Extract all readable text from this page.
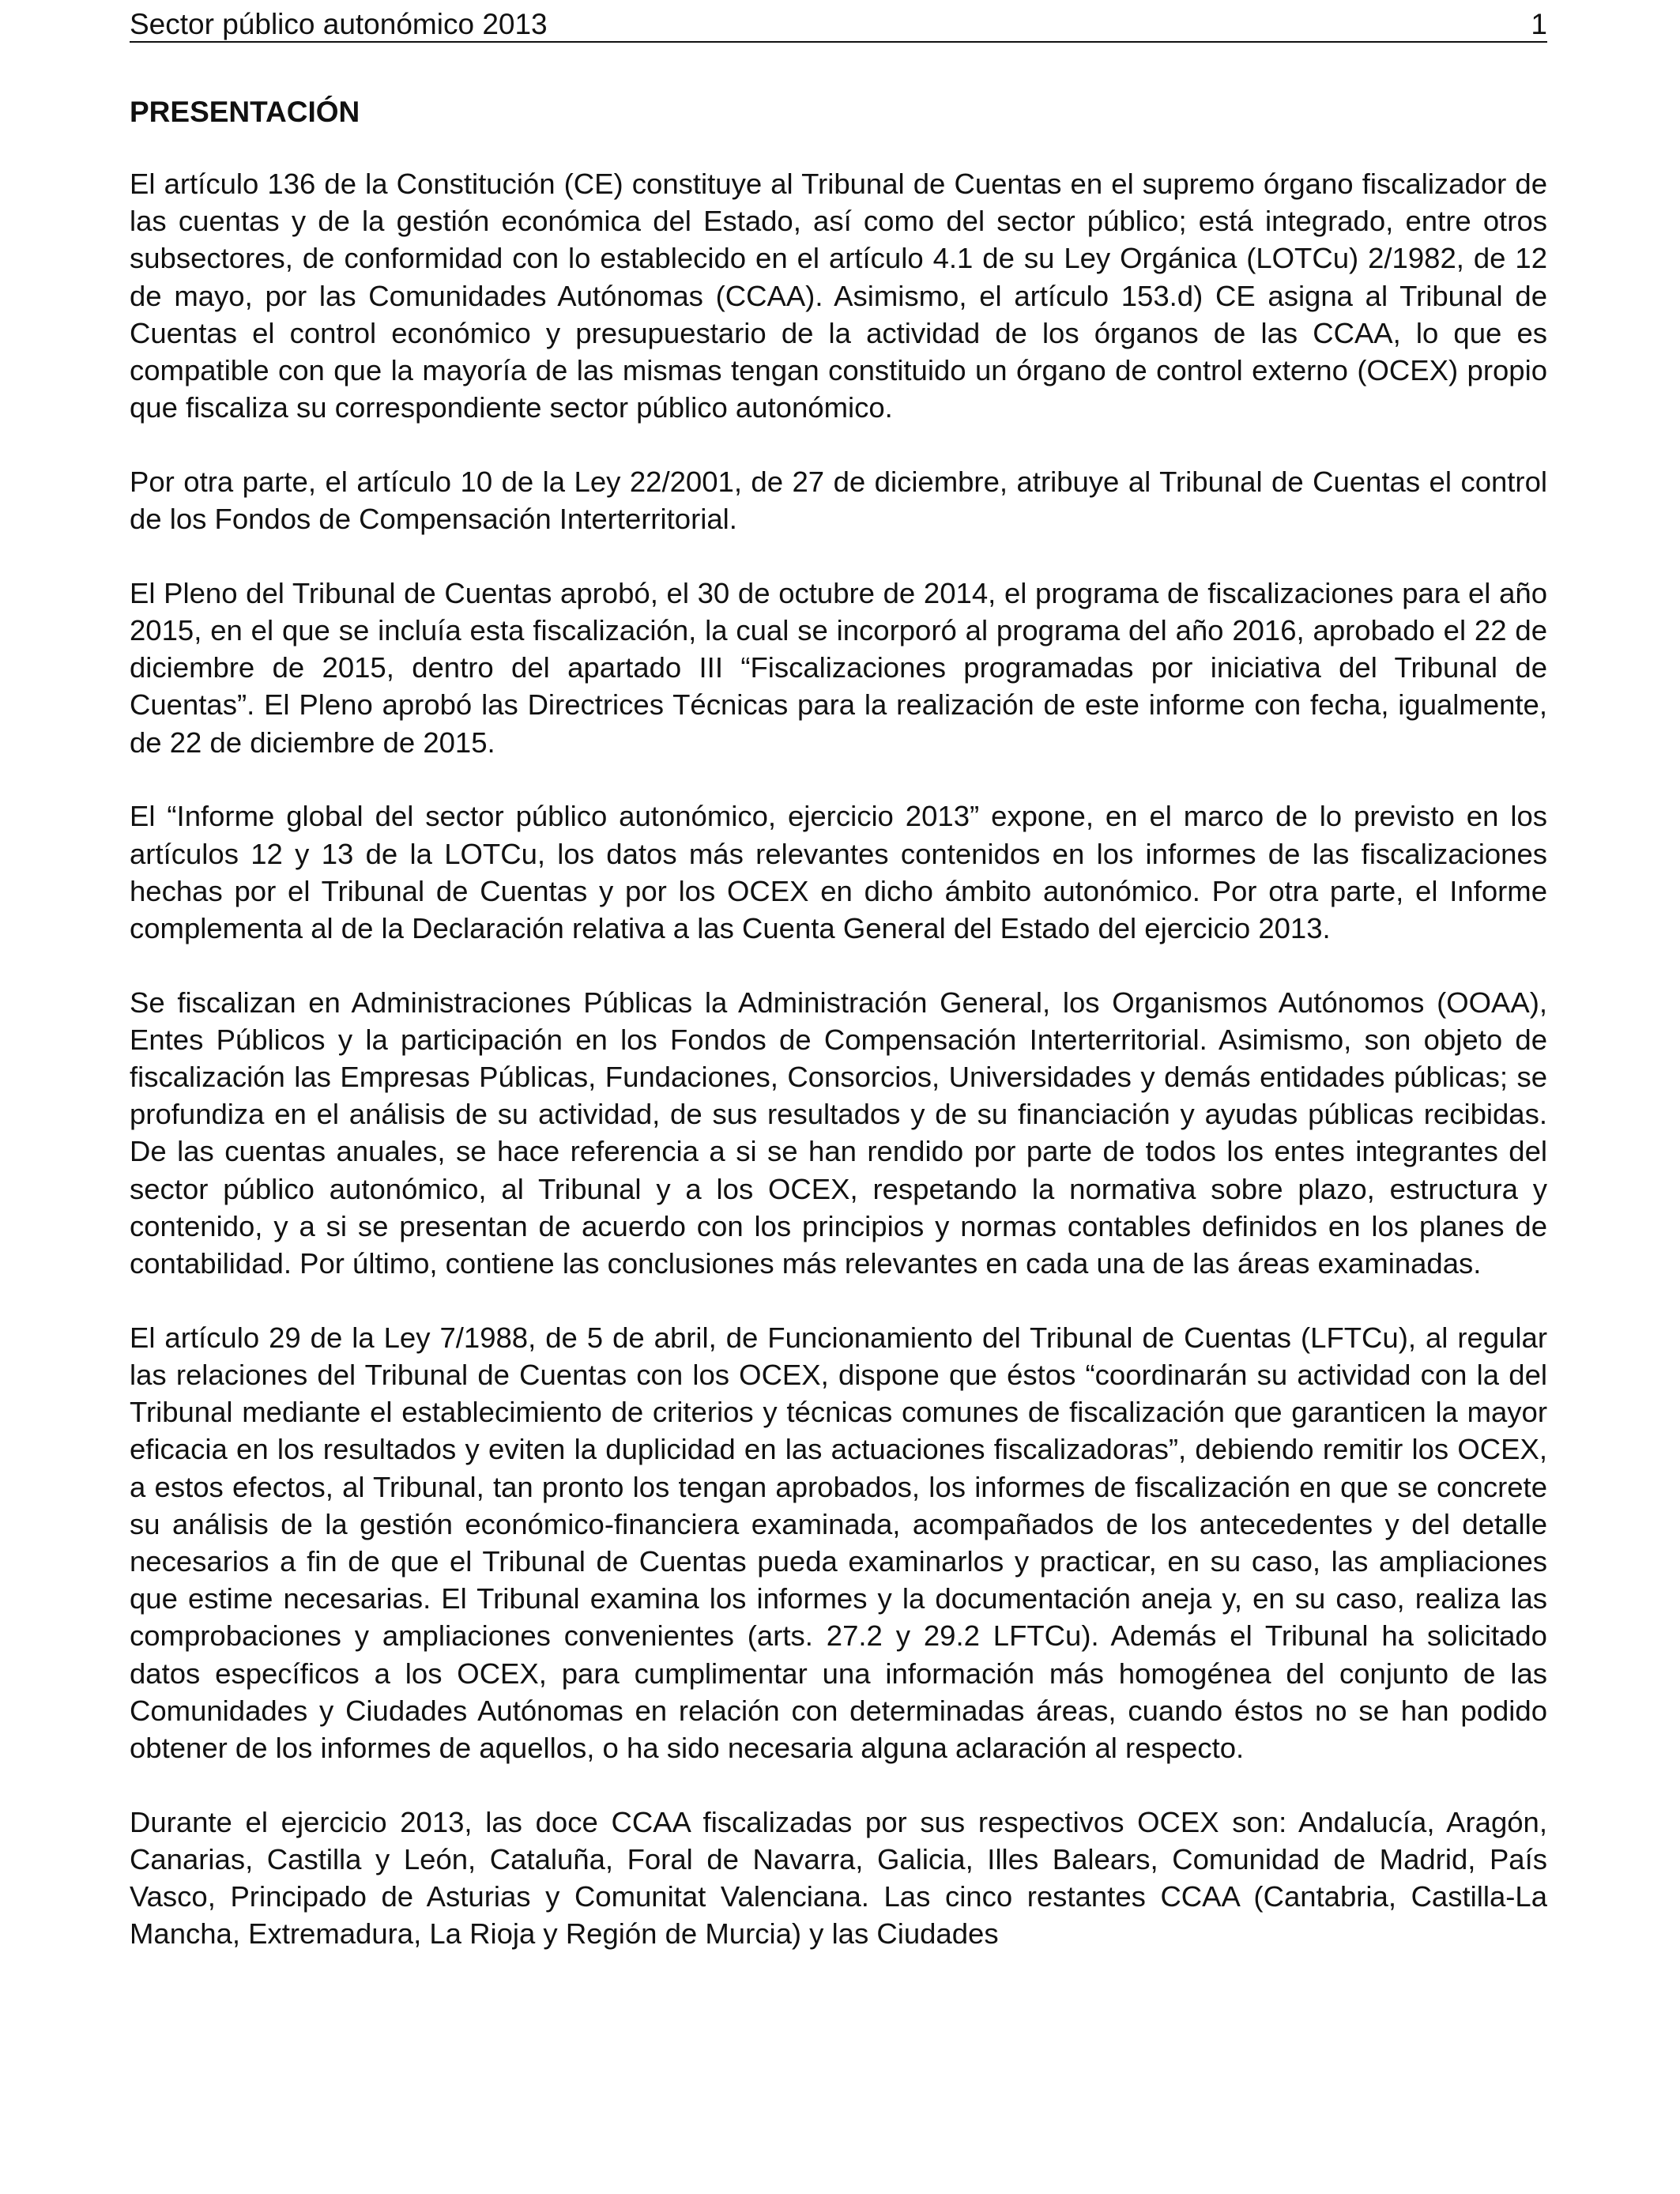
Sector público autonómico 2013	1
PRESENTACIÓN

El artículo 136 de la Constitución (CE) constituye al Tribunal de Cuentas en el supremo órgano fiscalizador de las cuentas y de la gestión económica del Estado, así como del sector público; está integrado, entre otros subsectores, de conformidad con lo establecido en el artículo 4.1 de su Ley Orgánica (LOTCu) 2/1982, de 12 de mayo, por las Comunidades Autónomas (CCAA). Asimismo, el artículo 153.d) CE asigna al Tribunal de Cuentas el control económico y presupuestario de la actividad de los órganos de las CCAA, lo que es compatible con que la mayoría de las mismas tengan constituido un órgano de control externo (OCEX) propio que fiscaliza su correspondiente sector público autonómico.

Por otra parte, el artículo 10 de la Ley 22/2001, de 27 de diciembre, atribuye al Tribunal de Cuentas el control de los Fondos de Compensación Interterritorial.

El Pleno del Tribunal de Cuentas aprobó, el 30 de octubre de 2014, el programa de fiscalizaciones para el año 2015, en el que se incluía esta fiscalización, la cual se incorporó al programa del año 2016, aprobado el 22 de diciembre de 2015, dentro del apartado III “Fiscalizaciones programadas por iniciativa del Tribunal de Cuentas”. El Pleno aprobó las Directrices Técnicas para la realización de este informe con fecha, igualmente, de 22 de diciembre de 2015.

El “Informe global del sector público autonómico, ejercicio 2013” expone, en el marco de lo previsto en los artículos 12 y 13 de la LOTCu, los datos más relevantes contenidos en los informes de las fiscalizaciones hechas por el Tribunal de Cuentas y por los OCEX en dicho ámbito autonómico. Por otra parte, el Informe complementa al de la Declaración relativa a las Cuenta General del Estado del ejercicio 2013.

Se fiscalizan en Administraciones Públicas la Administración General, los Organismos Autónomos (OOAA), Entes Públicos y la participación en los Fondos de Compensación Interterritorial. Asimismo, son objeto de fiscalización las Empresas Públicas, Fundaciones, Consorcios, Universidades y demás entidades públicas; se profundiza en el análisis de su actividad, de sus resultados y de su financiación y ayudas públicas recibidas. De las cuentas anuales, se hace referencia a si se han rendido por parte de todos los entes integrantes del sector público autonómico, al Tribunal y a los OCEX, respetando la normativa sobre plazo, estructura y contenido, y a si se presentan de acuerdo con los principios y normas contables definidos en los planes de contabilidad. Por último, contiene las conclusiones más relevantes en cada una de las áreas examinadas.

El artículo 29 de la Ley 7/1988, de 5 de abril, de Funcionamiento del Tribunal de Cuentas (LFTCu), al regular las relaciones del Tribunal de Cuentas con los OCEX, dispone que éstos “coordinarán su actividad con la del Tribunal mediante el establecimiento de criterios y técnicas comunes de fiscalización que garanticen la mayor eficacia en los resultados y eviten la duplicidad en las actuaciones fiscalizadoras”, debiendo remitir los OCEX, a estos efectos, al Tribunal, tan pronto los tengan aprobados, los informes de fiscalización en que se concrete su análisis de la gestión económico-financiera examinada, acompañados de los antecedentes y del detalle necesarios a fin de que el Tribunal de Cuentas pueda examinarlos y practicar, en su caso, las ampliaciones que estime necesarias. El Tribunal examina los informes y la documentación aneja y, en su caso, realiza las comprobaciones y ampliaciones convenientes (arts. 27.2 y 29.2 LFTCu). Además el Tribunal ha solicitado datos específicos a los OCEX, para cumplimentar una información más homogénea del conjunto de las Comunidades y Ciudades Autónomas en relación con determinadas áreas, cuando éstos no se han podido obtener de los informes de aquellos, o ha sido necesaria alguna aclaración al respecto.

Durante el ejercicio 2013, las doce CCAA fiscalizadas por sus respectivos OCEX son: Andalucía, Aragón, Canarias, Castilla y León, Cataluña, Foral de Navarra, Galicia, Illes Balears, Comunidad de Madrid, País Vasco, Principado de Asturias y Comunitat Valenciana. Las cinco restantes CCAA (Cantabria, Castilla-La Mancha, Extremadura, La Rioja y Región de Murcia) y las Ciudades
